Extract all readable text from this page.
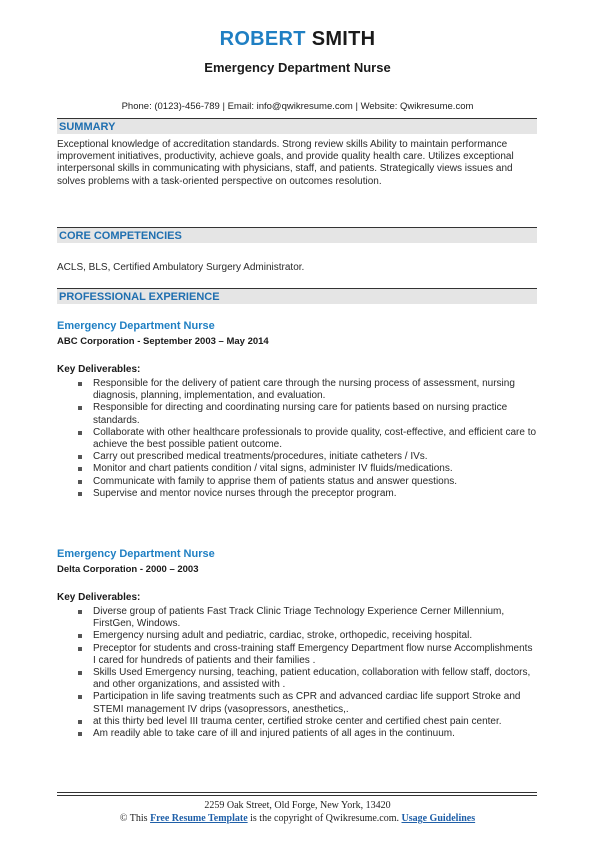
ROBERT SMITH
Emergency Department Nurse
Phone: (0123)-456-789 | Email: info@qwikresume.com | Website: Qwikresume.com
SUMMARY
Exceptional knowledge of accreditation standards. Strong review skills Ability to maintain performance improvement initiatives, productivity, achieve goals, and provide quality health care. Utilizes exceptional interpersonal skills in communicating with physicians, staff, and patients. Strategically views issues and solves problems with a task-oriented perspective on outcomes resolution.
CORE COMPETENCIES
ACLS, BLS, Certified Ambulatory Surgery Administrator.
PROFESSIONAL EXPERIENCE
Emergency Department Nurse
ABC Corporation - September 2003 – May 2014
Key Deliverables:
Responsible for the delivery of patient care through the nursing process of assessment, nursing diagnosis, planning, implementation, and evaluation.
Responsible for directing and coordinating nursing care for patients based on nursing practice standards.
Collaborate with other healthcare professionals to provide quality, cost-effective, and efficient care to achieve the best possible patient outcome.
Carry out prescribed medical treatments/procedures, initiate catheters / IVs.
Monitor and chart patients condition / vital signs, administer IV fluids/medications.
Communicate with family to apprise them of patients status and answer questions.
Supervise and mentor novice nurses through the preceptor program.
Emergency Department Nurse
Delta Corporation - 2000 – 2003
Key Deliverables:
Diverse group of patients Fast Track Clinic Triage Technology Experience Cerner Millennium, FirstGen, Windows.
Emergency nursing adult and pediatric, cardiac, stroke, orthopedic, receiving hospital.
Preceptor for students and cross-training staff Emergency Department flow nurse Accomplishments I cared for hundreds of patients and their families .
Skills Used Emergency nursing, teaching, patient education, collaboration with fellow staff, doctors, and other organizations, and assisted with .
Participation in life saving treatments such as CPR and advanced cardiac life support Stroke and STEMI management IV drips (vasopressors, anesthetics,.
at this thirty bed level III trauma center, certified stroke center and certified chest pain center.
Am readily able to take care of ill and injured patients of all ages in the continuum.
2259 Oak Street, Old Forge, New York, 13420
© This Free Resume Template is the copyright of Qwikresume.com. Usage Guidelines
